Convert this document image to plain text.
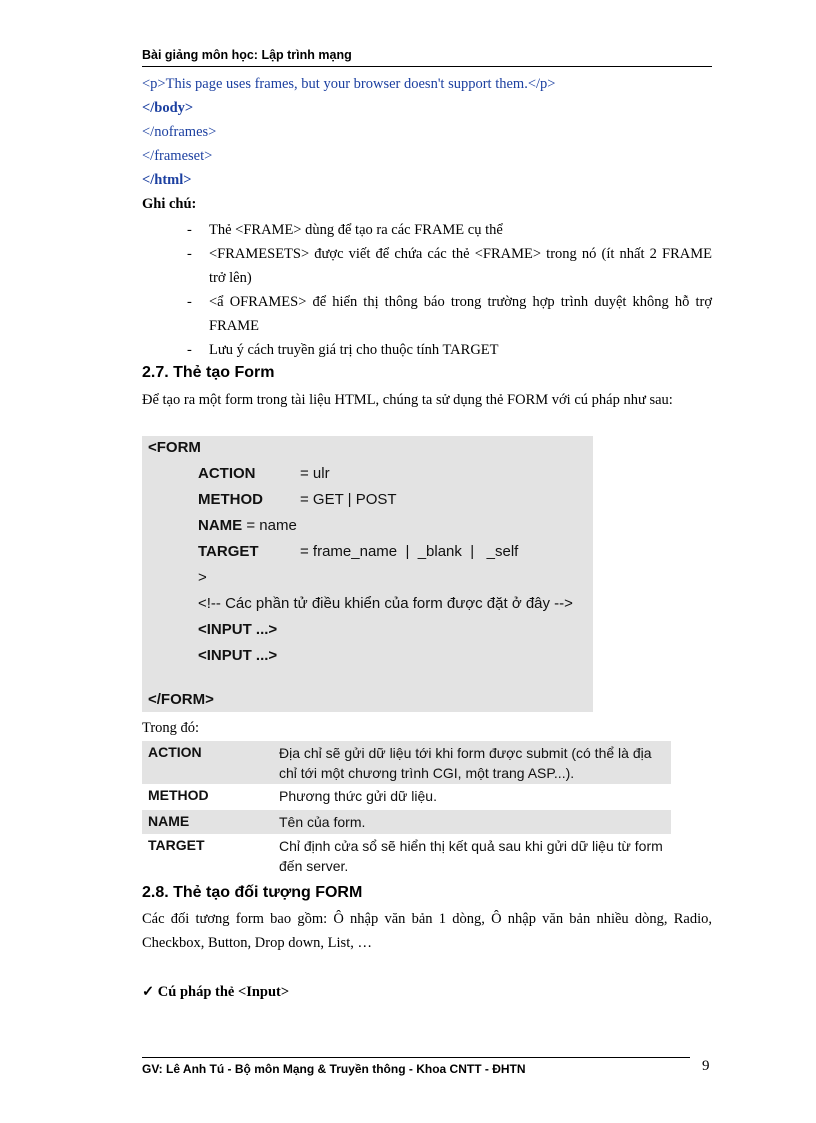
Bài giảng môn học: Lập trình mạng
<p>This page uses frames, but your browser doesn't support them.</p>
</body>
</noframes>
</frameset>
</html>
Ghi chú:
- Thẻ <FRAME> dùng để tạo ra các FRAME cụ thể
- <FRAMESETS> được viết để chứa các thẻ <FRAME> trong nó (ít nhất 2 FRAME trở lên)
- <ẩ OFRAMES> để hiển thị thông báo trong trường hợp trình duyệt không hỗ trợ FRAME
- Lưu ý cách truyền giá trị cho thuộc tính TARGET
2.7. Thẻ tạo Form
Để tạo ra một form trong tài liệu HTML, chúng ta sử dụng thẻ FORM với cú pháp như sau:
<FORM
ACTION	= ulr
METHOD = GET | POST
NAME = name
TARGET	= frame_name  |  _blank  |   _self
>
<!-- Các phần tử điều khiển của form được đặt ở đây -->
<INPUT ...>
<INPUT ...>
</FORM>
Trong đó:
ACTION	Địa chỉ sẽ gửi dữ liệu tới khi form được submit (có thể là địa chỉ tới một chương trình CGI, một trang ASP...).
METHOD	Phương thức gửi dữ liệu.
NAME	Tên của form.
TARGET	Chỉ định cửa sổ sẽ hiển thị kết quả sau khi gửi dữ liệu từ form đến server.
2.8. Thẻ tạo đối tượng FORM
Các đối tương form bao gồm: Ô nhập văn bản 1 dòng, Ô nhập văn bản nhiều dòng, Radio, Checkbox, Button, Drop down, List, …
✓ Cú pháp thẻ <Input>
GV: Lê Anh Tú - Bộ môn Mạng & Truyền thông - Khoa CNTT - ĐHTN	9
